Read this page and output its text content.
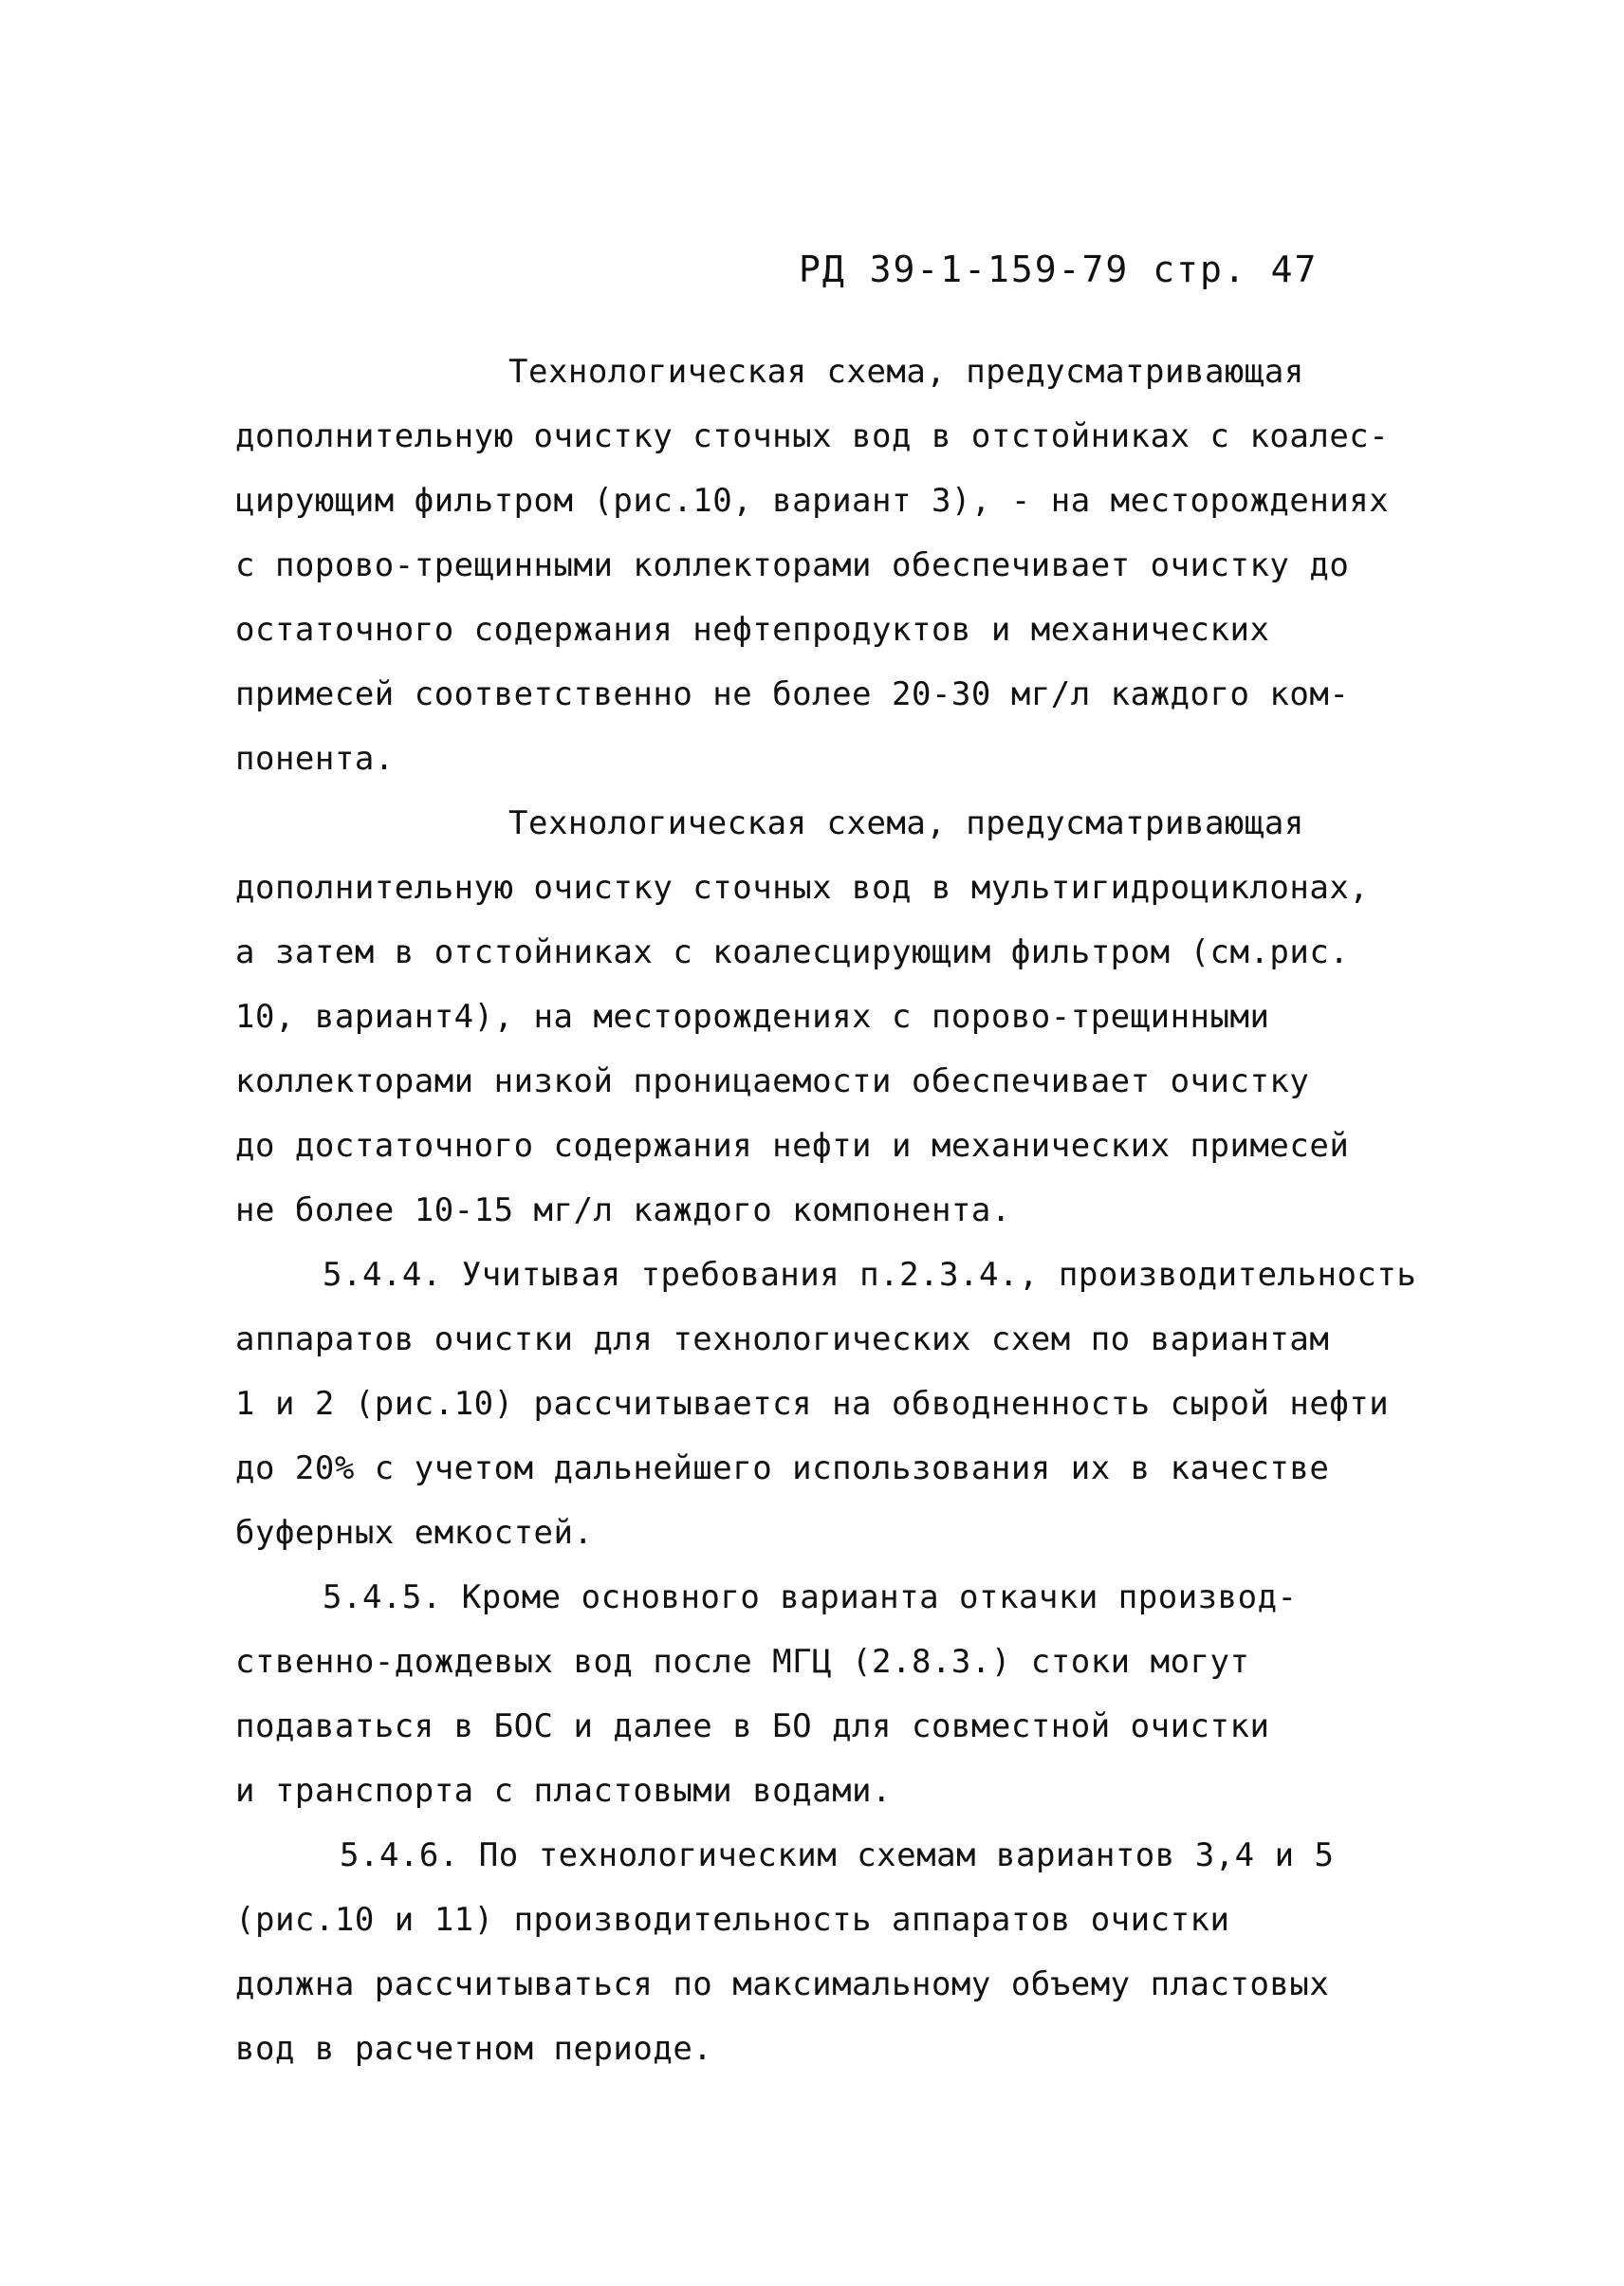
РД 39-1-159-79 стр. 47
Технологическая схема, предусматривающая
дополнительную очистку сточных вод в отстойниках с коалес-
цирующим фильтром (рис.10, вариант 3), - на месторождениях
с порово-трещинными коллекторами обеспечивает очистку до
остаточного содержания нефтепродуктов и механических
примесей соответственно не более 20-30 мг/л каждого ком-
понента.
Технологическая схема, предусматривающая
дополнительную очистку сточных вод в мультигидроциклонах,
а затем в отстойниках с коалесцирующим фильтром (см.рис.
10, вариант4), на месторождениях с порово-трещинными
коллекторами низкой проницаемости обеспечивает очистку
до достаточного содержания нефти и механических примесей
не более 10-15 мг/л каждого компонента.
5.4.4. Учитывая требования п.2.3.4., производительность
аппаратов очистки для технологических схем по вариантам
1 и 2 (рис.10) рассчитывается на обводненность сырой нефти
до 20% с учетом дальнейшего использования их в качестве
буферных емкостей.
5.4.5. Кроме основного варианта откачки производ-
ственно-дождевых вод после МГЦ (2.8.3.) стоки могут
подаваться в БОС и далее в БО для совместной очистки
и транспорта с пластовыми водами.
5.4.6. По технологическим схемам вариантов 3,4 и 5
(рис.10 и 11) производительность аппаратов очистки
должна рассчитываться по максимальному объему пластовых
вод в расчетном периоде.
